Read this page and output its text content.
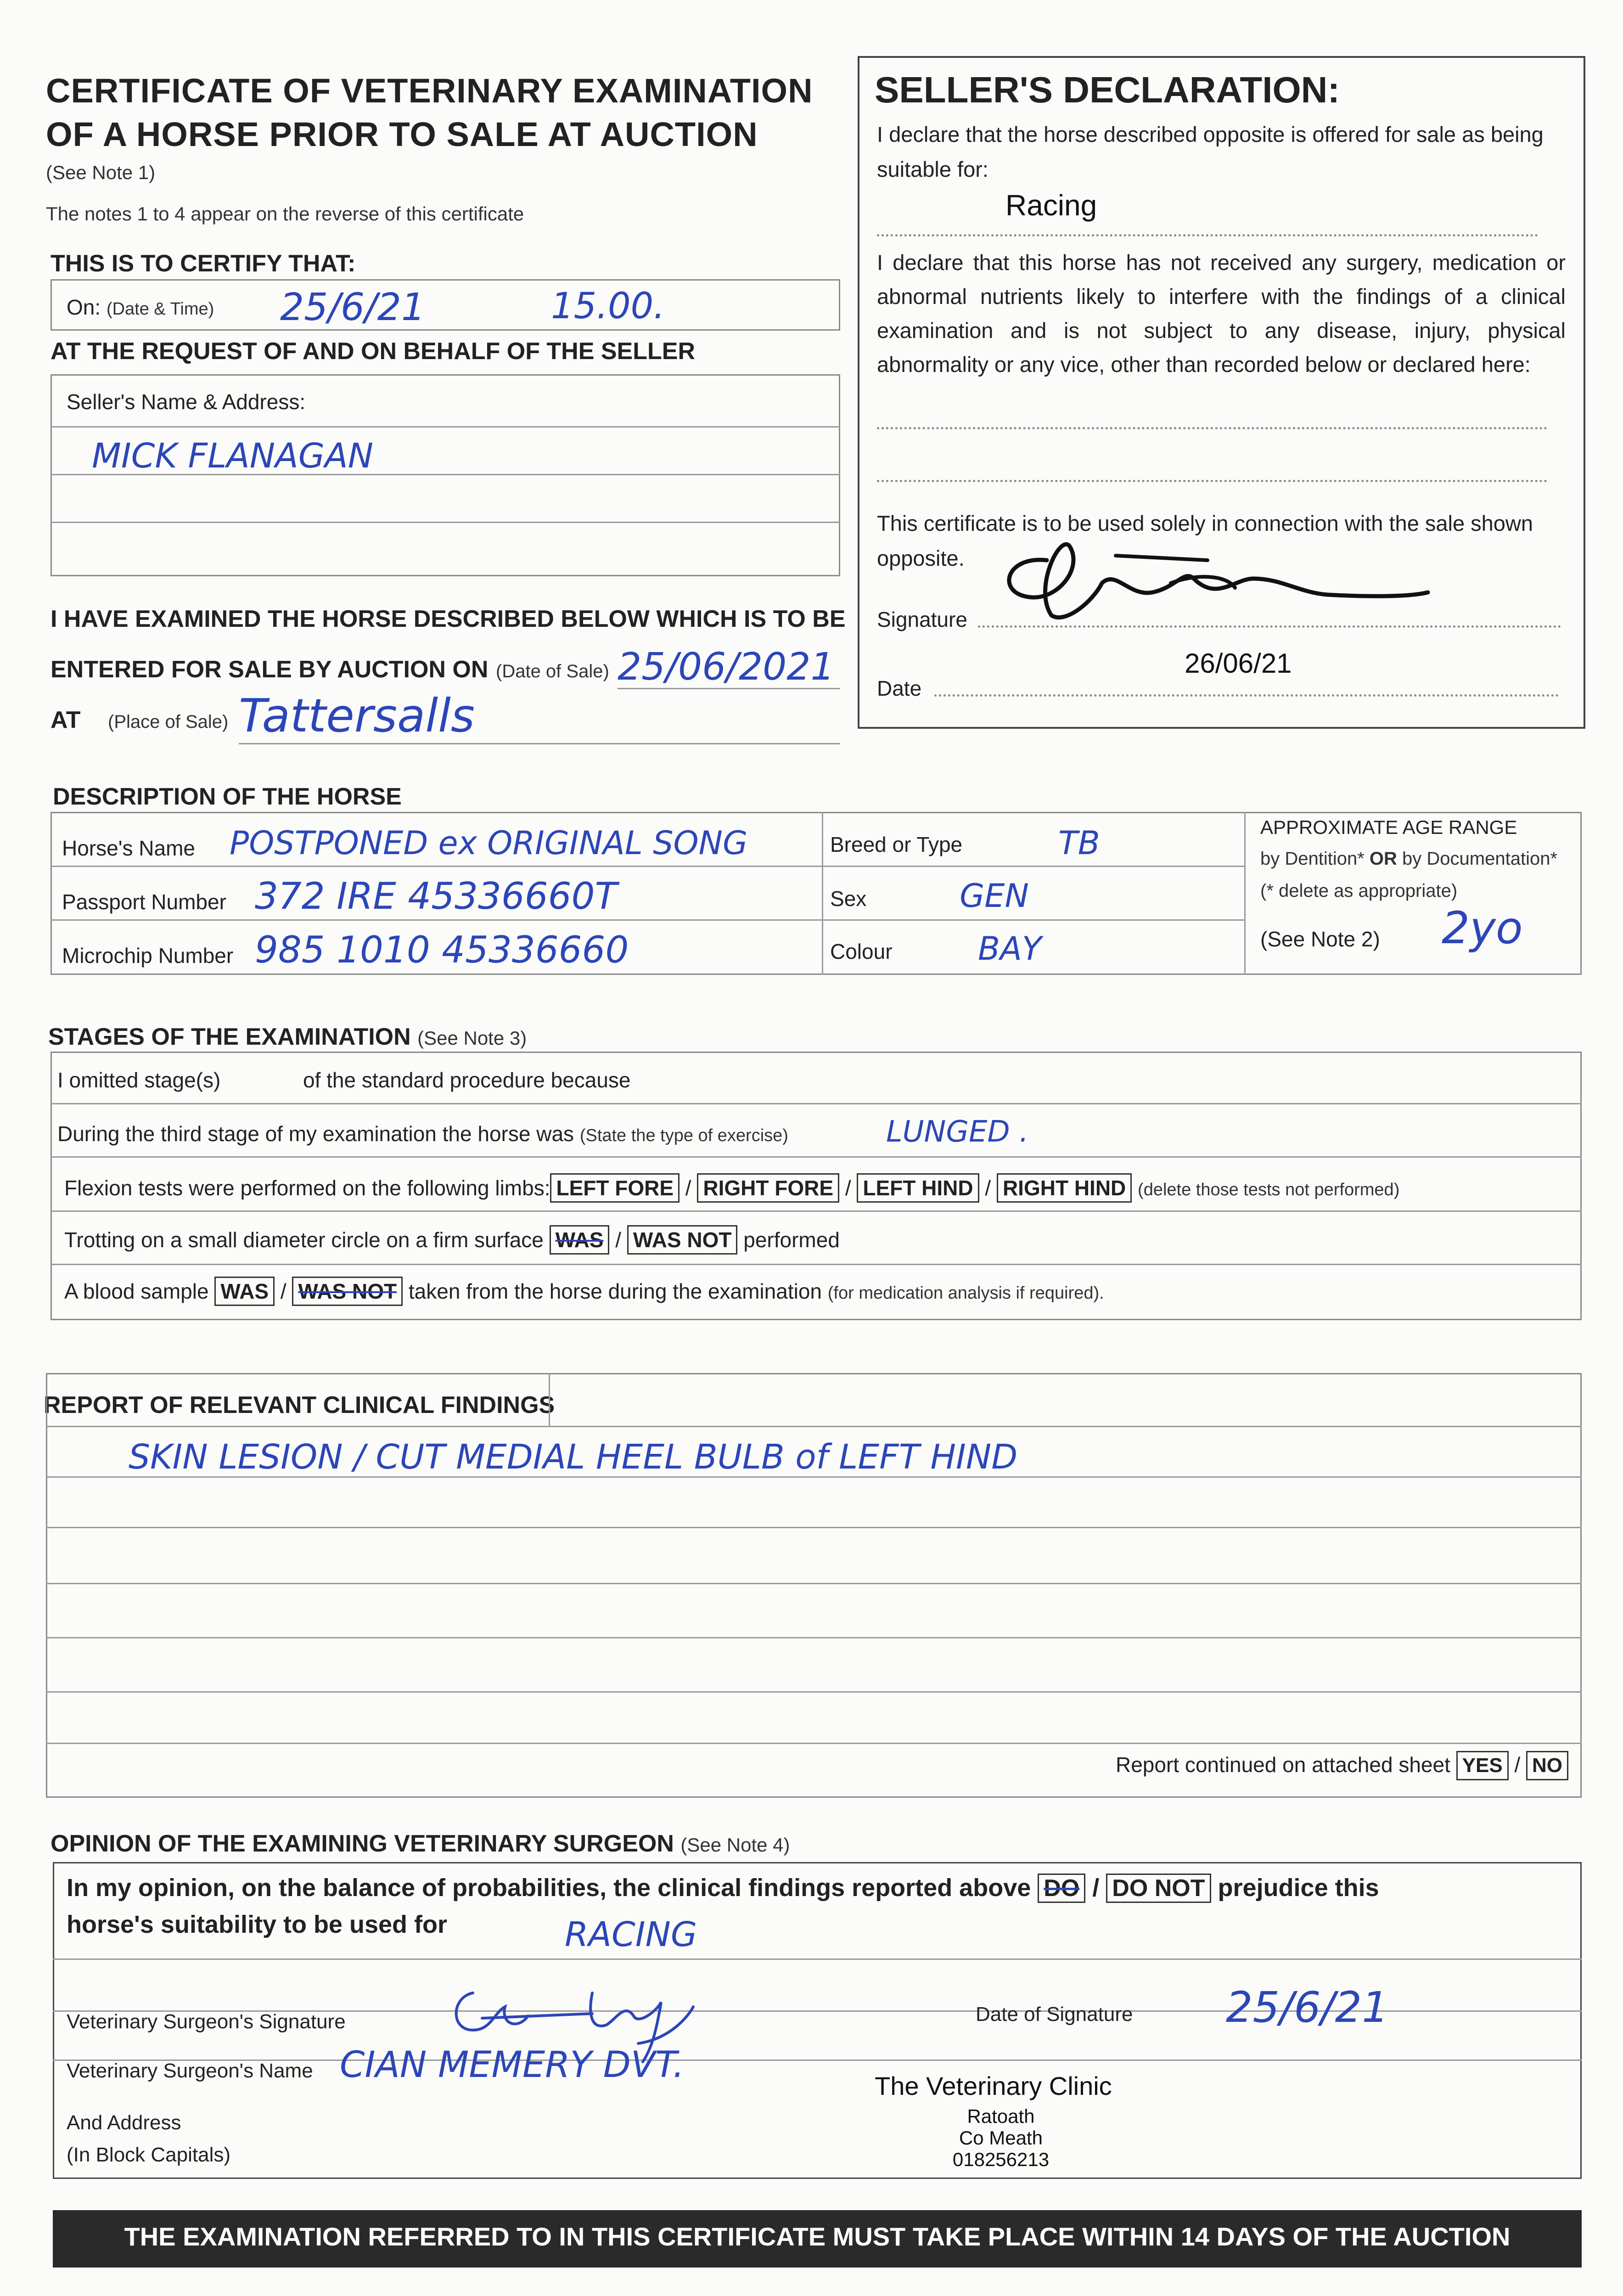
CERTIFICATE OF VETERINARY EXAMINATION
OF A HORSE PRIOR TO SALE AT AUCTION
(See Note 1)
The notes 1 to 4 appear on the reverse of this certificate
THIS IS TO CERTIFY THAT:
On: (Date & Time) 25/6/21	15.00.
AT THE REQUEST OF AND ON BEHALF OF THE SELLER
Seller's Name & Address:
MICK FLANAGAN
I HAVE EXAMINED THE HORSE DESCRIBED BELOW WHICH IS TO BE
ENTERED FOR SALE BY AUCTION ON (Date of Sale) 25/06/2021
AT (Place of Sale) Tattersalls
SELLER'S DECLARATION:
I declare that the horse described opposite is offered for sale as being suitable for:
Racing
I declare that this horse has not received any surgery, medication or abnormal nutrients likely to interfere with the findings of a clinical examination and is not subject to any disease, injury, physical abnormality or any vice, other than recorded below or declared here:
This certificate is to be used solely in connection with the sale shown opposite.
Signature
Date
26/06/21
DESCRIPTION OF THE HORSE
Horse's Name POSTPONED ex ORIGINAL SONG
Passport Number 372 IRE 45336660T
Microchip Number 985 1010 45336660
Breed or Type	TB
Sex	GEN
Colour	BAY
APPROXIMATE AGE RANGE
by Dentition* OR by Documentation*
(* delete as appropriate)
(See Note 2) 2yo
STAGES OF THE EXAMINATION (See Note 3)
I omitted stage(s)	of the standard procedure because
During the third stage of my examination the horse was (State the type of exercise)	LUNGED .
Flexion tests were performed on the following limbs: LEFT FORE / RIGHT FORE / LEFT HIND / RIGHT HIND (delete those tests not performed)
Trotting on a small diameter circle on a firm surface WAS / WAS NOT performed
A blood sample WAS / WAS NOT taken from the horse during the examination (for medication analysis if required).
REPORT OF RELEVANT CLINICAL FINDINGS
SKIN LESION / CUT MEDIAL HEEL BULB of LEFT HIND
Report continued on attached sheet YES / NO
OPINION OF THE EXAMINING VETERINARY SURGEON (See Note 4)
In my opinion, on the balance of probabilities, the clinical findings reported above DO / DO NOT prejudice this
horse's suitability to be used for	RACING
Veterinary Surgeon's Signature	Date of Signature 25/6/21
Veterinary Surgeon's Name CIAN MEMERY DVT.
And Address
(In Block Capitals)
The Veterinary Clinic
Ratoath
Co Meath
018256213
THE EXAMINATION REFERRED TO IN THIS CERTIFICATE MUST TAKE PLACE WITHIN 14 DAYS OF THE AUCTION
